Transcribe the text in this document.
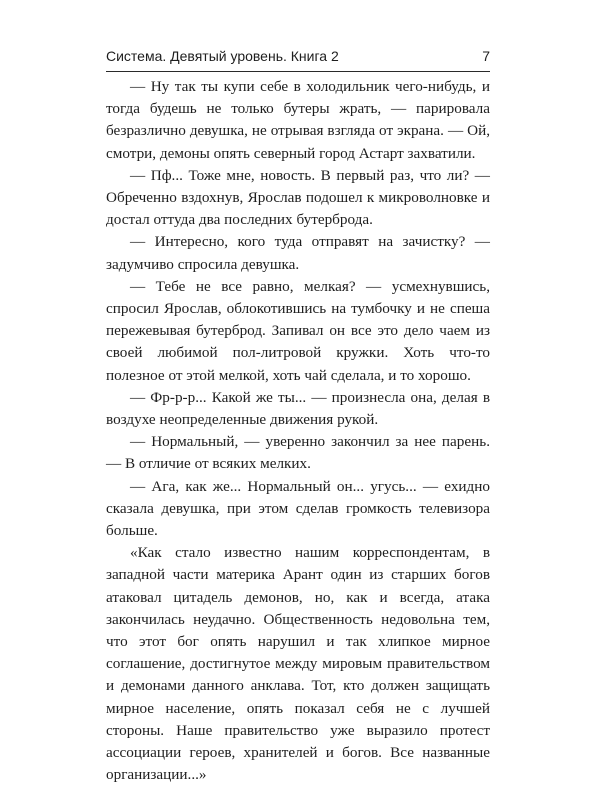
Система. Девятый уровень. Книга 2	7

— Ну так ты купи себе в холодильник чего-нибудь, и тогда будешь не только бутеры жрать, — парировала безразлично девушка, не отрывая взгляда от экрана. — Ой, смотри, демоны опять северный город Астарт захватили.

— Пф... Тоже мне, новость. В первый раз, что ли? — Обреченно вздохнув, Ярослав подошел к микроволновке и достал оттуда два последних бутерброда.

— Интересно, кого туда отправят на зачистку? — задумчиво спросила девушка.

— Тебе не все равно, мелкая? — усмехнувшись, спросил Ярослав, облокотившись на тумбочку и не спеша пережевывая бутерброд. Запивал он все это дело чаем из своей любимой пол-литровой кружки. Хоть что-то полезное от этой мелкой, хоть чай сделала, и то хорошо.

— Фр-р-р... Какой же ты... — произнесла она, делая в воздухе неопределенные движения рукой.

— Нормальный, — уверенно закончил за нее парень. — В отличие от всяких мелких.

— Ага, как же... Нормальный он... угусь... — ехидно сказала девушка, при этом сделав громкость телевизора больше.

«Как стало известно нашим корреспондентам, в западной части материка Арант один из старших богов атаковал цитадель демонов, но, как и всегда, атака закончилась неудачно. Общественность недовольна тем, что этот бог опять нарушил и так хлипкое мирное соглашение, достигнутое между мировым правительством и демонами данного анклава. Тот, кто должен защищать мирное население, опять показал себя не с лучшей стороны. Наше правительство уже выразило протест ассоциации героев, хранителей и богов. Все названные организации...»
